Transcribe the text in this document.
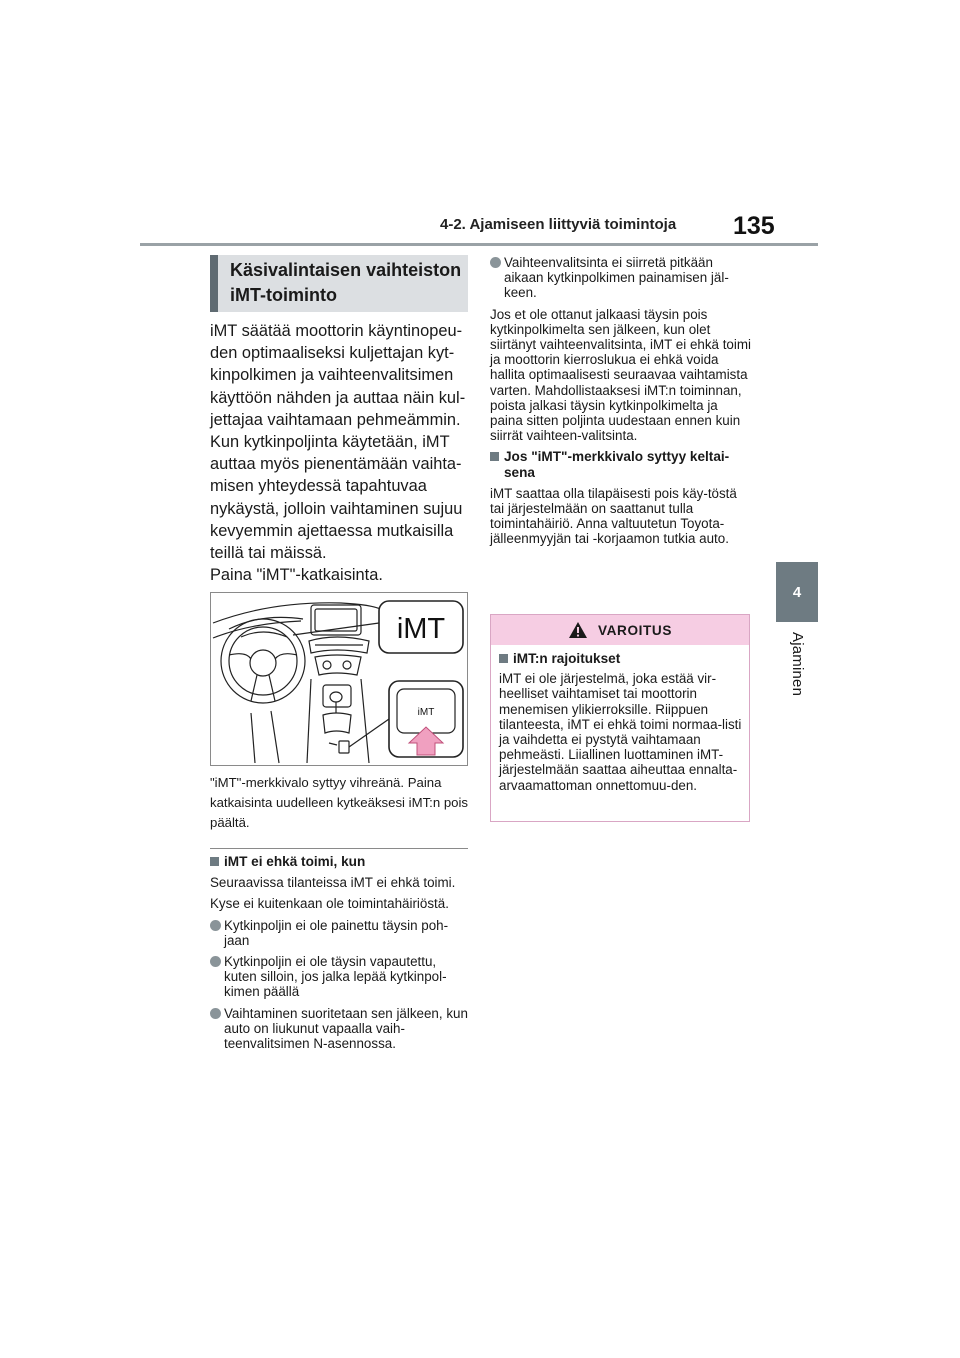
4-2. Ajamiseen liittyviä toimintoja 135
4
Ajaminen
Käsivalintaisen vaihteiston
iMT-toiminto

iMT säätää moottorin käyntinopeu-den optimaaliseksi kuljettajan kyt-kinpolkimen ja vaihteenvalitsimen käyttöön nähden ja auttaa näin kul-jettajaa vaihtamaan pehmeämmin. Kun kytkinpoljinta käytetään, iMT auttaa myös pienentämään vaihta-misen yhteydessä tapahtuvaa nykäystä, jolloin vaihtaminen sujuu kevyemmin ajettaessa mutkaisilla teillä tai mäissä.

Paina "iMT"-katkaisinta.

iMT
iMT
"iMT"-merkkivalo syttyy vihreänä. Paina katkaisinta uudelleen kytkeäksesi iMT:n pois päältä.

iMT ei ehkä toimi, kun

Seuraavissa tilanteissa iMT ei ehkä toimi.

Kyse ei kuitenkaan ole toimintahäiriöstä.

Kytkinpoljin ei ole painettu täysin poh-jaan

Kytkinpoljin ei ole täysin vapautettu, kuten silloin, jos jalka lepää kytkinpol-kimen päällä

Vaihtaminen suoritetaan sen jälkeen, kun auto on liukunut vapaalla vaih-teenvalitsimen N-asennossa.

Vaihteenvalitsinta ei siirretä pitkään aikaan kytkinpolkimen painamisen jäl-keen.

Jos et ole ottanut jalkaasi täysin pois kytkinpolkimelta sen jälkeen, kun olet siirtänyt vaihteenvalitsinta, iMT ei ehkä toimi ja moottorin kierroslukua ei ehkä voida hallita optimaalisesti seuraavaa vaihtamista varten. Mahdollistaaksesi iMT:n toiminnan, poista jalkasi täysin kytkinpolkimelta ja paina sitten poljinta uudestaan ennen kuin siirrät vaihteen-valitsinta.

Jos "iMT"-merkkivalo syttyy keltai-sena

iMT saattaa olla tilapäisesti pois käy-töstä tai järjestelmään on saattanut tulla toimintahäiriö. Anna valtuutetun Toyota-jälleenmyyjän tai -korjaamon tutkia auto.

VAROITUS

iMT:n rajoitukset

iMT ei ole järjestelmä, joka estää vir-heelliset vaihtamiset tai moottorin menemisen ylikierroksille. Riippuen tilanteesta, iMT ei ehkä toimi normaa-listi ja vaihdetta ei pystytä vaihtamaan pehmeästi. Liiallinen luottaminen iMT-järjestelmään saattaa aiheuttaa ennalta-arvaamattoman onnettomuu-den.
